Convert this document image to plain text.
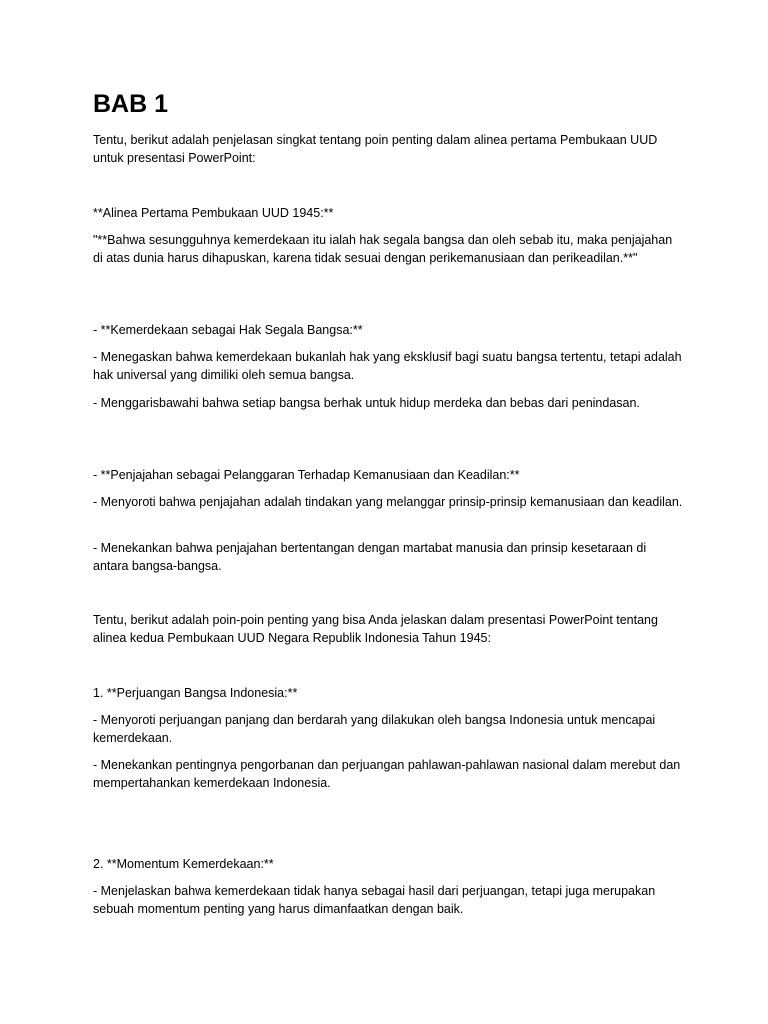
BAB 1

Tentu, berikut adalah penjelasan singkat tentang poin penting dalam alinea pertama Pembukaan UUD untuk presentasi PowerPoint:

**Alinea Pertama Pembukaan UUD 1945:**

"**Bahwa sesungguhnya kemerdekaan itu ialah hak segala bangsa dan oleh sebab itu, maka penjajahan di atas dunia harus dihapuskan, karena tidak sesuai dengan perikemanusiaan dan perikeadilan.**"

- **Kemerdekaan sebagai Hak Segala Bangsa:**

- Menegaskan bahwa kemerdekaan bukanlah hak yang eksklusif bagi suatu bangsa tertentu, tetapi adalah hak universal yang dimiliki oleh semua bangsa.

- Menggarisbawahi bahwa setiap bangsa berhak untuk hidup merdeka dan bebas dari penindasan.

- **Penjajahan sebagai Pelanggaran Terhadap Kemanusiaan dan Keadilan:**

- Menyoroti bahwa penjajahan adalah tindakan yang melanggar prinsip-prinsip kemanusiaan dan keadilan.

- Menekankan bahwa penjajahan bertentangan dengan martabat manusia dan prinsip kesetaraan di antara bangsa-bangsa.

Tentu, berikut adalah poin-poin penting yang bisa Anda jelaskan dalam presentasi PowerPoint tentang alinea kedua Pembukaan UUD Negara Republik Indonesia Tahun 1945:

1. **Perjuangan Bangsa Indonesia:**

- Menyoroti perjuangan panjang dan berdarah yang dilakukan oleh bangsa Indonesia untuk mencapai kemerdekaan.

- Menekankan pentingnya pengorbanan dan perjuangan pahlawan-pahlawan nasional dalam merebut dan mempertahankan kemerdekaan Indonesia.

2. **Momentum Kemerdekaan:**

- Menjelaskan bahwa kemerdekaan tidak hanya sebagai hasil dari perjuangan, tetapi juga merupakan sebuah momentum penting yang harus dimanfaatkan dengan baik.
